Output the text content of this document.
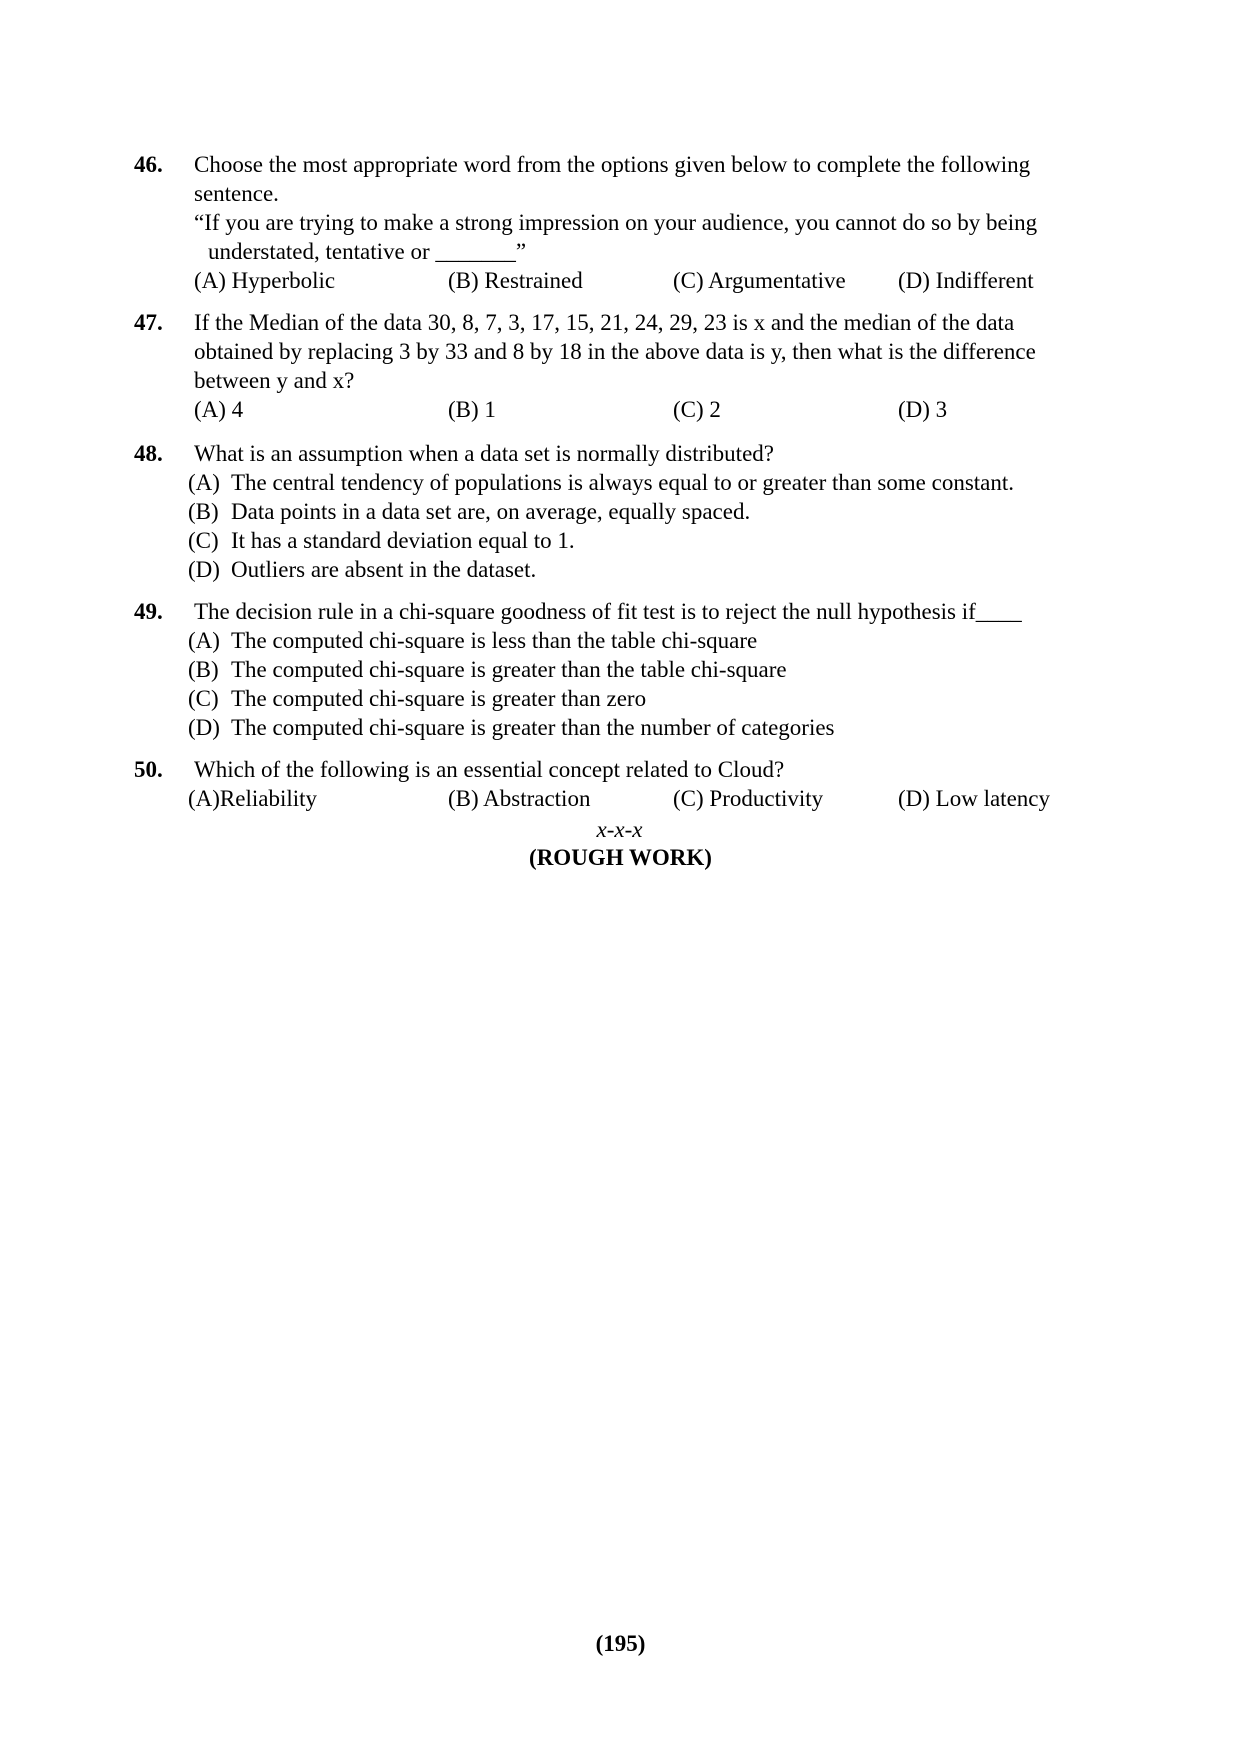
46. Choose the most appropriate word from the options given below to complete the following sentence.
“If you are trying to make a strong impression on your audience, you cannot do so by being
understated, tentative or _______”
(A) Hyperbolic	(B) Restrained	(C) Argumentative (D) Indifferent
47. If the Median of the data 30, 8, 7, 3, 17, 15, 21, 24, 29, 23 is x and the median of the data obtained by replacing 3 by 33 and 8 by 18 in the above data is y, then what is the difference between y and x?
(A) 4	(B) 1	(C) 2	(D) 3
48. What is an assumption when a data set is normally distributed?
(A) The central tendency of populations is always equal to or greater than some constant.
(B) Data points in a data set are, on average, equally spaced.
(C) It has a standard deviation equal to 1.
(D) Outliers are absent in the dataset.
49. The decision rule in a chi-square goodness of fit test is to reject the null hypothesis if____
(A) The computed chi-square is less than the table chi-square
(B) The computed chi-square is greater than the table chi-square
(C) The computed chi-square is greater than zero
(D) The computed chi-square is greater than the number of categories
50. Which of the following is an essential concept related to Cloud?
(A)Reliability	(B) Abstraction	(C) Productivity	(D) Low latency
x-x-x
(ROUGH WORK)
(195)
